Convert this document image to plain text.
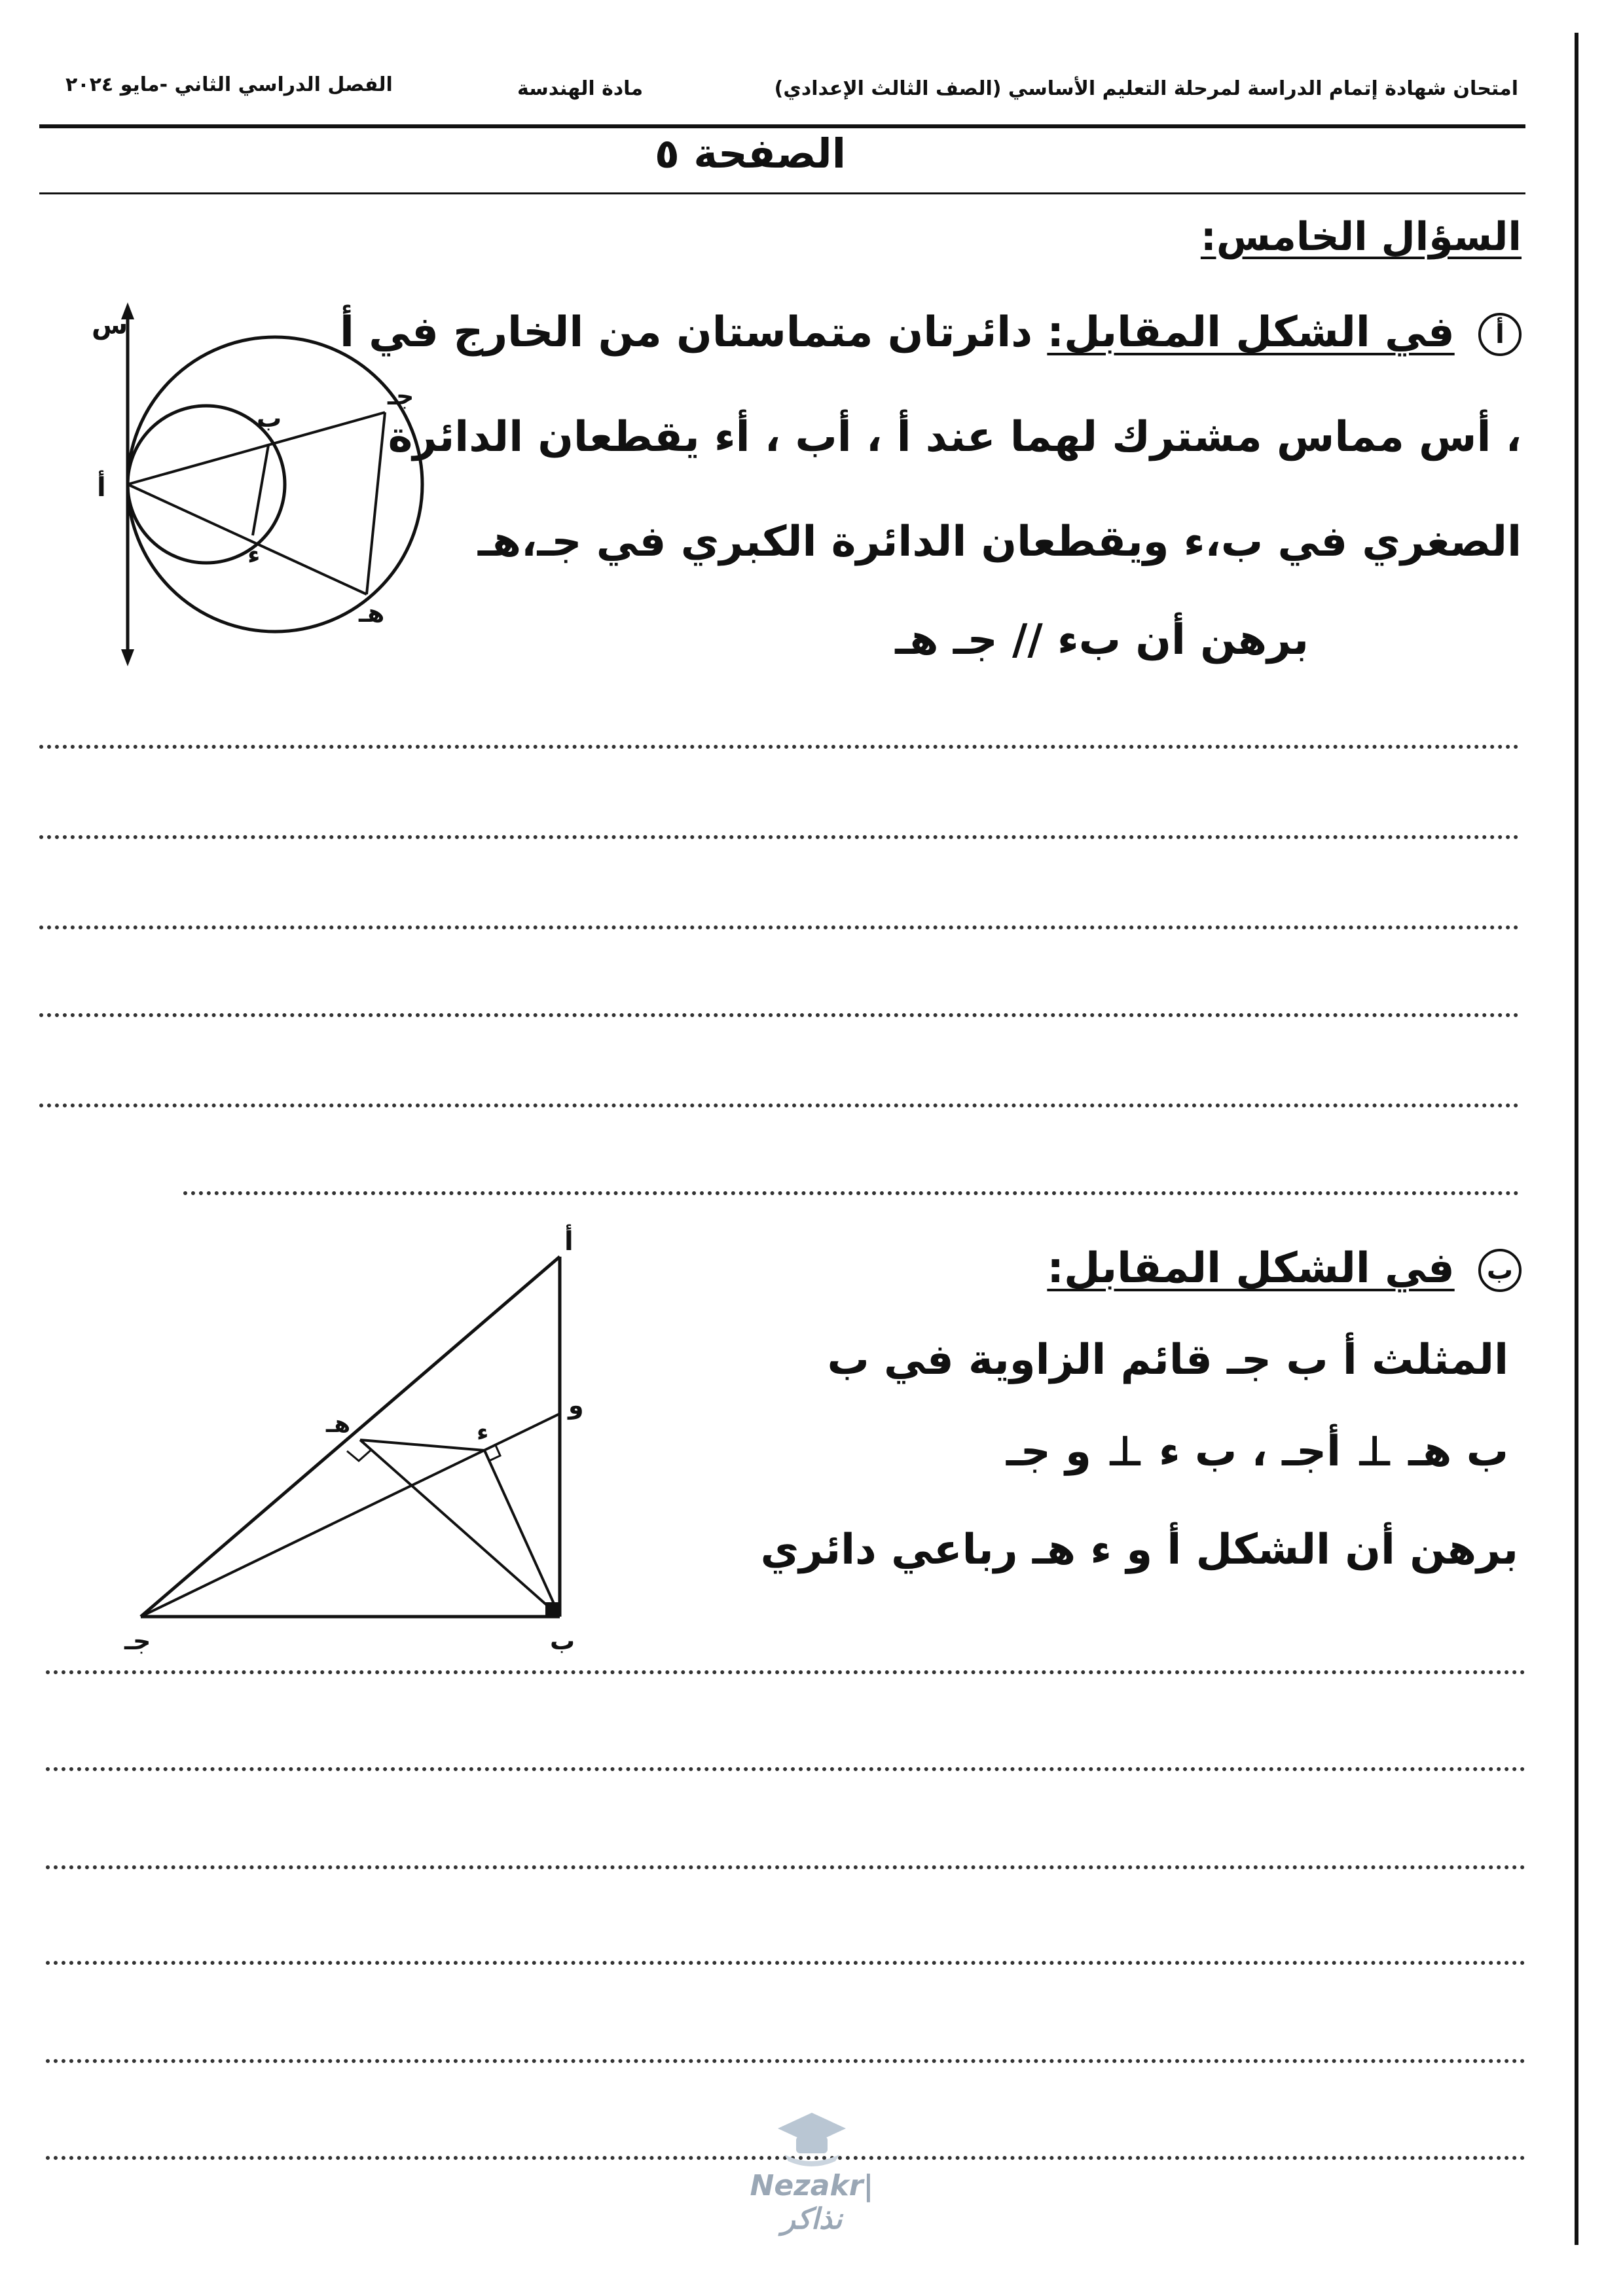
امتحان شهادة إتمام الدراسة لمرحلة التعليم الأساسي (الصف الثالث الإعدادي)
مادة الهندسة
الفصل الدراسي الثاني -مايو ٢٠٢٤
الصفحة ٥
السؤال الخامس:
أ في الشكل المقابل: دائرتان متماستان من الخارج في أ
، أس مماس مشترك لهما عند أ ، أب ، أء يقطعان الدائرة
الصغري في ب،ء ويقطعان الدائرة الكبري في جـ،هـ
برهن أن بء // جـ هـ
س
أ
ب
جـ
ء
هـ
ب في الشكل المقابل:
المثلث أ ب جـ قائم الزاوية في ب
ب هـ ⊥ أجـ ، ب ء ⊥ و جـ
برهن أن الشكل أ و ء هـ رباعي دائري
أ
ب
جـ
و
ء
هـ
Nezakr|نذاكر
